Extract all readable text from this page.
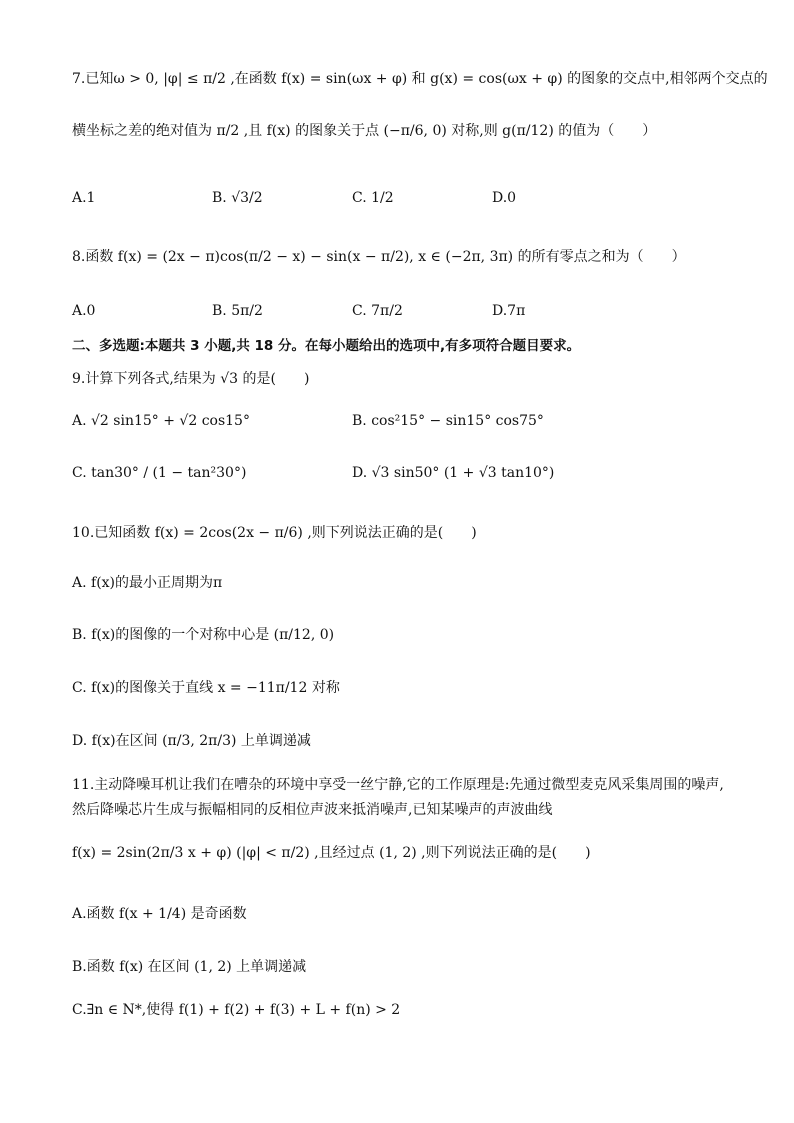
7.已知ω > 0, |φ| ≤ π/2 ,在函数 f(x) = sin(ωx + φ) 和 g(x) = cos(ωx + φ) 的图象的交点中,相邻两个交点的
横坐标之差的绝对值为 π/2 ,且 f(x) 的图象关于点 (−π/6, 0) 对称,则 g(π/12) 的值为（　　）
A.1	B. √3/2	C. 1/2	D.0
8.函数 f(x) = (2x − π)cos(π/2 − x) − sin(x − π/2), x ∈ (−2π, 3π) 的所有零点之和为（　　）
A.0	B. 5π/2	C. 7π/2	D.7π
二、多选题:本题共 3 小题,共 18 分。在每小题给出的选项中,有多项符合题目要求。
9.计算下列各式,结果为 √3 的是(　　)
A. √2 sin15° + √2 cos15°	B. cos²15° − sin15° cos75°
C. tan30° / (1 − tan²30°)	D. √3 sin50° (1 + √3 tan10°)
10.已知函数 f(x) = 2cos(2x − π/6) ,则下列说法正确的是(　　)
A. f(x)的最小正周期为π
B. f(x)的图像的一个对称中心是 (π/12, 0)
C. f(x)的图像关于直线 x = −11π/12 对称
D. f(x)在区间 (π/3, 2π/3) 上单调递减
11.主动降噪耳机让我们在嘈杂的环境中享受一丝宁静,它的工作原理是:先通过微型麦克风采集周围的噪声,
然后降噪芯片生成与振幅相同的反相位声波来抵消噪声,已知某噪声的声波曲线
f(x) = 2sin(2π/3 x + φ) (|φ| < π/2) ,且经过点 (1, 2) ,则下列说法正确的是(　　)
A.函数 f(x + 1/4) 是奇函数
B.函数 f(x) 在区间 (1, 2) 上单调递减
C.∃n ∈ N*,使得 f(1) + f(2) + f(3) + L + f(n) > 2
